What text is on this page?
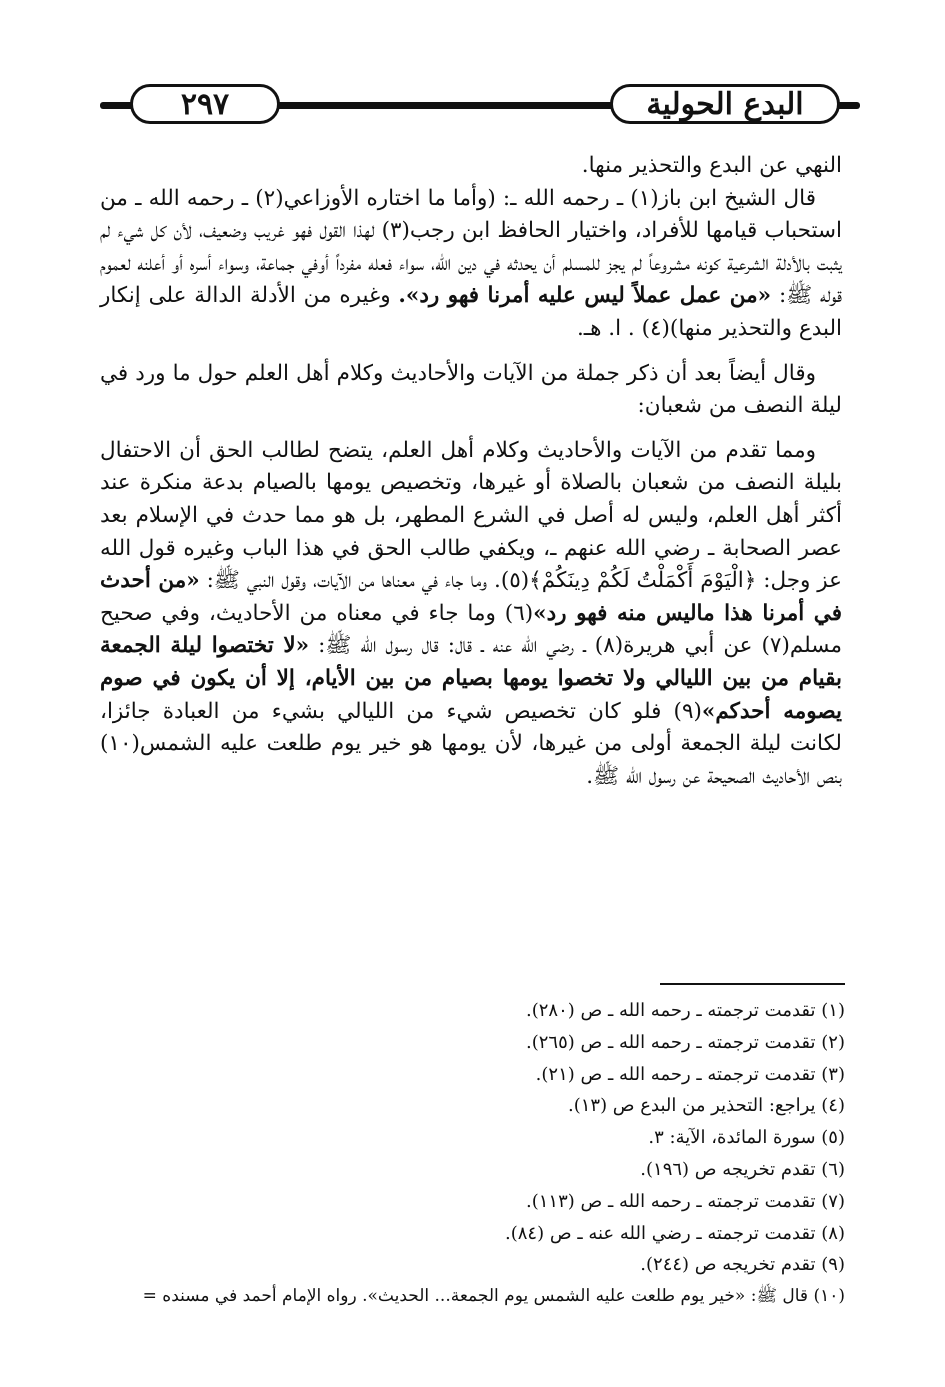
٢٩٧	البدع الحولية

النهي عن البدع والتحذير منها.

قال الشيخ ابن باز(١) ـ رحمه الله ـ: (وأما ما اختاره الأوزاعي(٢) ـ رحمه الله ـ من استحباب قيامها للأفراد، واختيار الحافظ ابن رجب(٣) لهذا القول فهو غريب وضعيف، لأن كل شيء لم يثبت بالأدلة الشرعية كونه مشروعاً لم يجز للمسلم أن يحدثه في دين الله، سواء فعله مفرداً أوفي جماعة، وسواء أسره أو أعلنه لعموم قوله ﷺ: «من عمل عملاً ليس عليه أمرنا فهو رد». وغيره من الأدلة الدالة على إنكار البدع والتحذير منها)(٤) . ا. هـ.

وقال أيضاً بعد أن ذكر جملة من الآيات والأحاديث وكلام أهل العلم حول ما ورد في ليلة النصف من شعبان:

ومما تقدم من الآيات والأحاديث وكلام أهل العلم، يتضح لطالب الحق أن الاحتفال بليلة النصف من شعبان بالصلاة أو غيرها، وتخصيص يومها بالصيام بدعة منكرة عند أكثر أهل العلم، وليس له أصل في الشرع المطهر، بل هو مما حدث في الإسلام بعد عصر الصحابة ـ رضي الله عنهم ـ، ويكفي طالب الحق في هذا الباب وغيره قول الله عز وجل: ﴿الْيَوْمَ أَكْمَلْتُ لَكُمْ دِينَكُمْ﴾(٥). وما جاء في معناها من الآيات، وقول النبي ﷺ: «من أحدث في أمرنا هذا ماليس منه فهو رد»(٦) وما جاء في معناه من الأحاديث، وفي صحيح مسلم(٧) عن أبي هريرة(٨) ـ رضي الله عنه ـ قال: قال رسول الله ﷺ: «لا تختصوا ليلة الجمعة بقيام من بين الليالي ولا تخصوا يومها بصيام من بين الأيام، إلا أن يكون في صوم يصومه أحدكم»(٩) فلو كان تخصيص شيء من الليالي بشيء من العبادة جائزا، لكانت ليلة الجمعة أولى من غيرها، لأن يومها هو خير يوم طلعت عليه الشمس(١٠) بنص الأحاديث الصحيحة عن رسول الله ﷺ.

(١) تقدمت ترجمته ـ رحمه الله ـ ص (٢٨٠).

(٢) تقدمت ترجمته ـ رحمه الله ـ ص (٢٦٥).

(٣) تقدمت ترجمته ـ رحمه الله ـ ص (٢١).

(٤) يراجع: التحذير من البدع ص (١٣).

(٥) سورة المائدة، الآية: ٣.

(٦) تقدم تخريجه ص (١٩٦).

(٧) تقدمت ترجمته ـ رحمه الله ـ ص (١١٣).

(٨) تقدمت ترجمته ـ رضي الله عنه ـ ص (٨٤).

(٩) تقدم تخريجه ص (٢٤٤).

(١٠) قال ﷺ: «خير يوم طلعت عليه الشمس يوم الجمعة... الحديث». رواه الإمام أحمد في مسنده =
